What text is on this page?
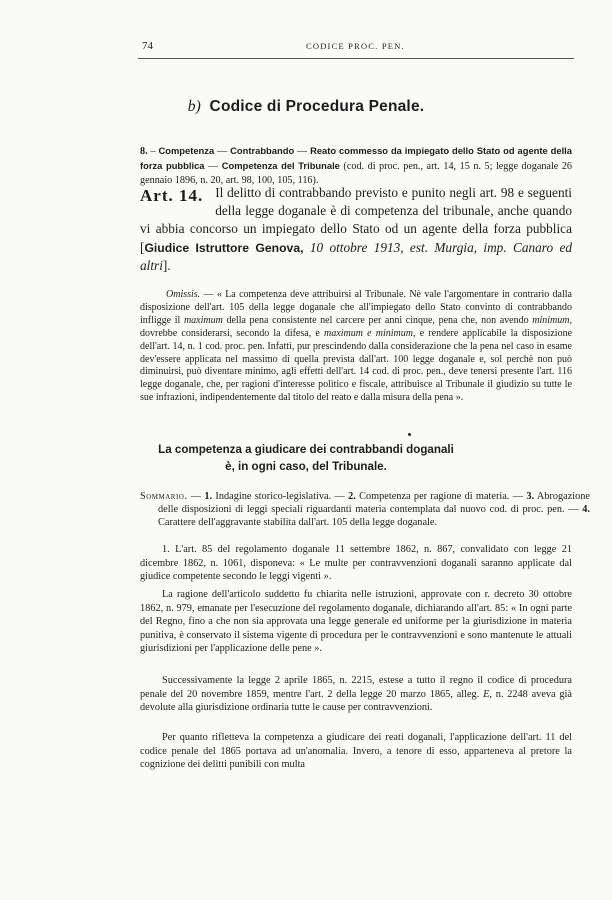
74	CODICE PROC. PEN.
b) Codice di Procedura Penale.
8. – Competenza — Contrabbando — Reato commesso da impiegato dello Stato od agente della forza pubblica — Competenza del Tribunale (cod. di proc. pen., art. 14, 15 n. 5; legge doganale 26 gennaio 1896, n. 20, art. 98, 100, 105, 116).
Art. 14. Il delitto di contrabbando previsto e punito negli art. 98 e seguenti della legge doganale è di competenza del tribunale, anche quando vi abbia concorso un impiegato dello Stato od un agente della forza pubblica [Giudice Istruttore Genova, 10 ottobre 1913, est. Murgia, imp. Canaro ed altri].
Omissis. — « La competenza deve attribuirsi al Tribunale. Nè vale l'argomentare in contrario dalla disposizione dell'art. 105 della legge doganale che all'impiegato dello Stato convinto di contrabbando infligge il maximum della pena consistente nel carcere per anni cinque, pena che, non avendo minimum, dovrebbe considerarsi, secondo la difesa, e maximum e minimum, e rendere applicabile la disposizione dell'art. 14, n. 1 cod. proc. pen. Infatti, pur prescindendo dalla considerazione che la pena nel caso in esame dev'essere applicata nel massimo di quella prevista dall'art. 100 legge doganale e, sol perchè non può diminuirsi, può diventare minimo, agli effetti dell'art. 14 cod. di proc. pen., deve tenersi presente l'art. 116 legge doganale, che, per ragioni d'interesse politico e fiscale, attribuisce al Tribunale il giudizio su tutte le sue infrazioni, indipendentemente dal titolo del reato e dalla misura della pena ».
La competenza a giudicare dei contrabbandi doganali
è, in ogni caso, del Tribunale.
Sommario. — 1. Indagine storico-legislativa. — 2. Competenza per ragione di materia. — 3. Abrogazione delle disposizioni di leggi speciali riguardanti materia contemplata dal nuovo cod. di proc. pen. — 4. Carattere dell'aggravante stabilita dall'art. 105 della legge doganale.
1. L'art. 85 del regolamento doganale 11 settembre 1862, n. 867, convalidato con legge 21 dicembre 1862, n. 1061, disponeva: « Le multe per contravvenzioni doganali saranno applicate dal giudice competente secondo le leggi vigenti ».
La ragione dell'articolo suddetto fu chiarita nelle istruzioni, approvate con r. decreto 30 ottobre 1862, n. 979, emanate per l'esecuzione del regolamento doganale, dichiarando all'art. 85: « In ogni parte del Regno, fino a che non sia approvata una legge generale ed uniforme per la giurisdizione in materia punitiva, è conservato il sistema vigente di procedura per le contravvenzioni e sono mantenute le attuali giurisdizioni per l'applicazione delle pene ».
Successivamente la legge 2 aprile 1865, n. 2215, estese a tutto il regno il codice di procedura penale del 20 novembre 1859, mentre l'art. 2 della legge 20 marzo 1865, alleg. E, n. 2248 aveva già devolute alla giurisdizione ordinaria tutte le cause per contravvenzioni.
Per quanto rifletteva la competenza a giudicare dei reati doganali, l'applicazione dell'art. 11 del codice penale del 1865 portava ad un'anomalia. Invero, a tenore di esso, apparteneva al pretore la cognizione dei delitti punibili con multa
